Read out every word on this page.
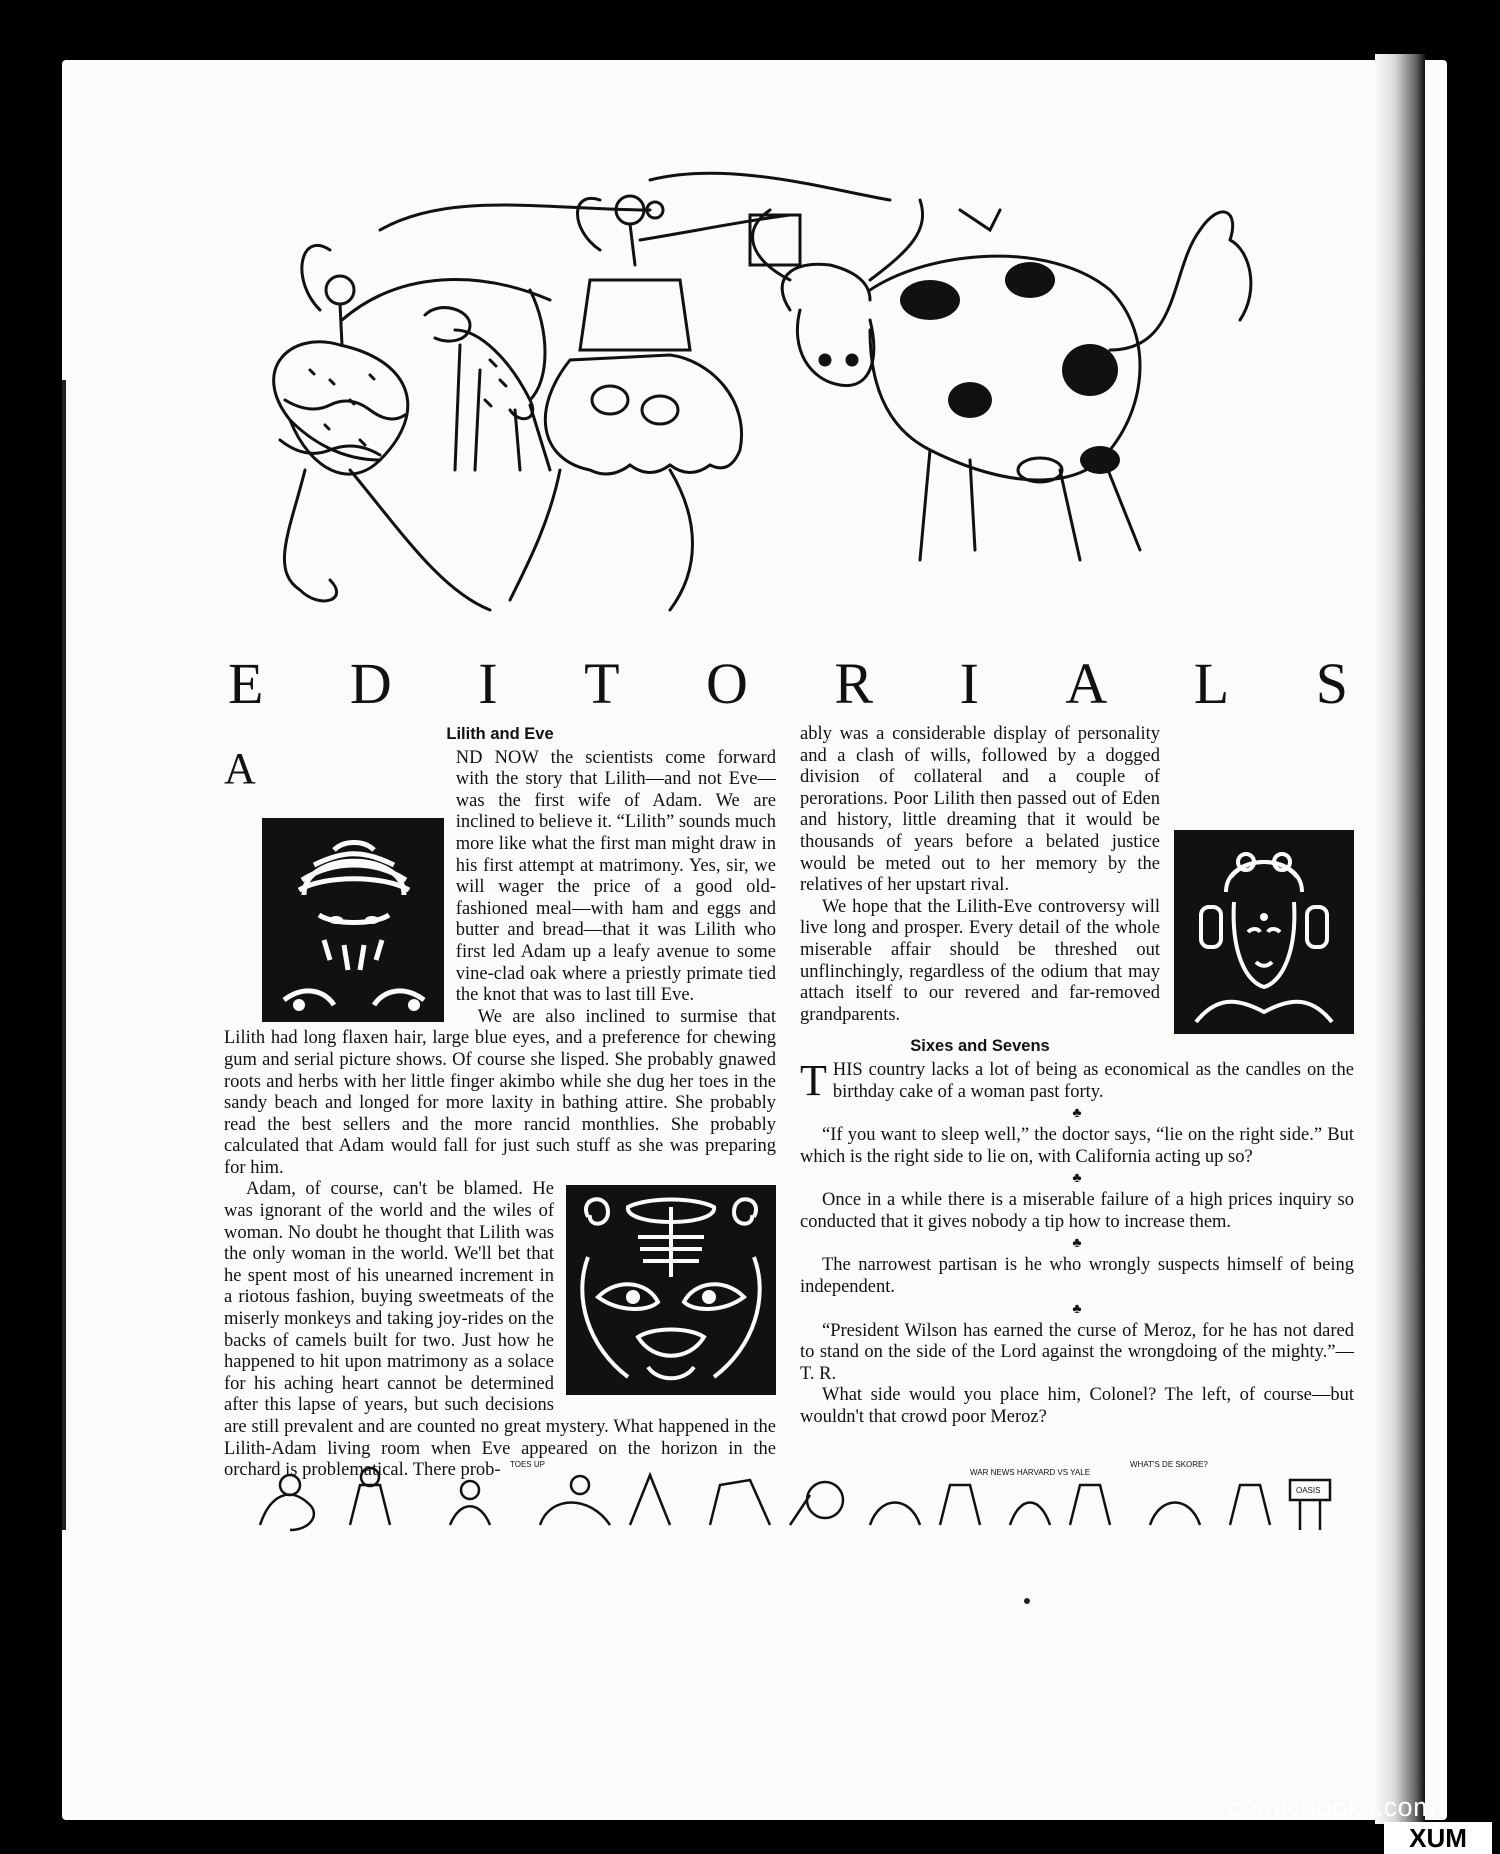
E D I T O R I A L S
Lilith and Eve

A	ND NOW the scientists come forward with the story that Lilith—and not Eve—was the first wife of Adam. We are inclined to believe it. “Lilith” sounds much more like what the first man might draw in his first attempt at matrimony. Yes, sir, we will wager the price of a good old-fashioned meal—with ham and eggs and butter and bread—that it was Lilith who first led Adam up a leafy avenue to some vine-clad oak where a priestly primate tied the knot that was to last till Eve.

We are also inclined to surmise that Lilith had long flaxen hair, large blue eyes, and a preference for chewing gum and serial picture shows. Of course she lisped. She probably gnawed roots and herbs with her little finger akimbo while she dug her toes in the sandy beach and longed for more laxity in bathing attire. She probably read the best sellers and the more rancid monthlies. She probably calculated that Adam would fall for just such stuff as she was preparing for him.

Adam, of course, can't be blamed. He was ignorant of the world and the wiles of woman. No doubt he thought that Lilith was the only woman in the world. We'll bet that he spent most of his unearned increment in a riotous fashion, buying sweetmeats of the miserly monkeys and taking joy-rides on the backs of camels built for two. Just how he happened to hit upon matrimony as a solace for his aching heart cannot be determined after this lapse of years, but such decisions are still prevalent and are counted no great mystery. What happened in the Lilith-Adam living room when Eve appeared on the horizon in the orchard is problematical. There prob-

ably was a considerable display of personality and a clash of wills, followed by a dogged division of collateral and a couple of perorations. Poor Lilith then passed out of Eden and history, little dreaming that it would be thousands of years before a belated justice would be meted out to her memory by the relatives of her upstart rival.

We hope that the Lilith-Eve controversy will live long and prosper. Every detail of the whole miserable affair should be threshed out unflinchingly, regardless of the odium that may attach itself to our revered and far-removed grandparents.

Sixes and Sevens

T HIS country lacks a lot of being as economical as the candles on the birthday cake of a woman past forty.

♣

“If you want to sleep well,” the doctor says, “lie on the right side.” But which is the right side to lie on, with California acting up so?

♣

Once in a while there is a miserable failure of a high prices inquiry so conducted that it gives nobody a tip how to increase them.

♣

The narrowest partisan is he who wrongly suspects himself of being independent.

♣

“President Wilson has earned the curse of Meroz, for he has not dared to stand on the side of the Lord against the wrongdoing of the mighty.”—T. R.

What side would you place him, Colonel? The left, of course—but wouldn't that crowd poor Meroz?

TOES UP
WAR NEWS HARVARD VS YALE
WHAT'S DE SKORE?
OASIS
comicbooks.com
XUM
